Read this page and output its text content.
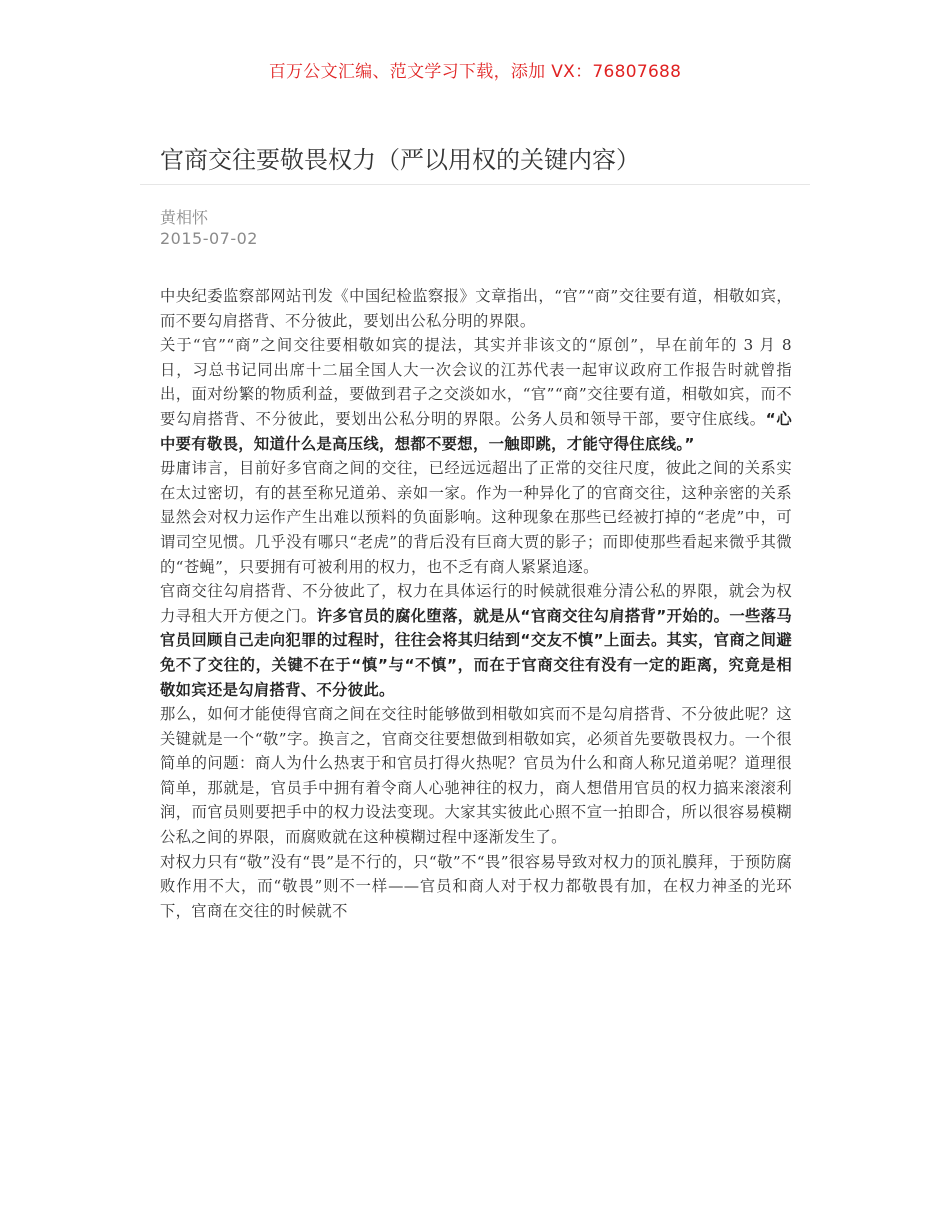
百万公文汇编、范文学习下载，添加 VX：76807688
官商交往要敬畏权力（严以用权的关键内容）
黄相怀
2015-07-02

中央纪委监察部网站刊发《中国纪检监察报》文章指出，“官”“商”交往要有道，相敬如宾，而不要勾肩搭背、不分彼此，要划出公私分明的界限。

关于“官”“商”之间交往要相敬如宾的提法，其实并非该文的“原创”，早在前年的 3 月 8 日，习总书记同出席十二届全国人大一次会议的江苏代表一起审议政府工作报告时就曾指出，面对纷繁的物质利益，要做到君子之交淡如水，“官”“商”交往要有道，相敬如宾，而不要勾肩搭背、不分彼此，要划出公私分明的界限。公务人员和领导干部，要守住底线。“心中要有敬畏，知道什么是高压线，想都不要想，一触即跳，才能守得住底线。”

毋庸讳言，目前好多官商之间的交往，已经远远超出了正常的交往尺度，彼此之间的关系实在太过密切，有的甚至称兄道弟、亲如一家。作为一种异化了的官商交往，这种亲密的关系显然会对权力运作产生出难以预料的负面影响。这种现象在那些已经被打掉的“老虎”中，可谓司空见惯。几乎没有哪只“老虎”的背后没有巨商大贾的影子；而即使那些看起来微乎其微的“苍蝇”，只要拥有可被利用的权力，也不乏有商人紧紧追逐。

官商交往勾肩搭背、不分彼此了，权力在具体运行的时候就很难分清公私的界限，就会为权力寻租大开方便之门。许多官员的腐化堕落，就是从“官商交往勾肩搭背”开始的。一些落马官员回顾自己走向犯罪的过程时，往往会将其归结到“交友不慎”上面去。其实，官商之间避免不了交往的，关键不在于“慎”与“不慎”，而在于官商交往有没有一定的距离，究竟是相敬如宾还是勾肩搭背、不分彼此。

那么，如何才能使得官商之间在交往时能够做到相敬如宾而不是勾肩搭背、不分彼此呢？这关键就是一个“敬”字。换言之，官商交往要想做到相敬如宾，必须首先要敬畏权力。一个很简单的问题：商人为什么热衷于和官员打得火热呢？官员为什么和商人称兄道弟呢？道理很简单，那就是，官员手中拥有着令商人心驰神往的权力，商人想借用官员的权力搞来滚滚利润，而官员则要把手中的权力设法变现。大家其实彼此心照不宣一拍即合，所以很容易模糊公私之间的界限，而腐败就在这种模糊过程中逐渐发生了。

对权力只有“敬”没有“畏”是不行的，只“敬”不“畏”很容易导致对权力的顶礼膜拜，于预防腐败作用不大，而“敬畏”则不一样——官员和商人对于权力都敬畏有加，在权力神圣的光环下，官商在交往的时候就不
